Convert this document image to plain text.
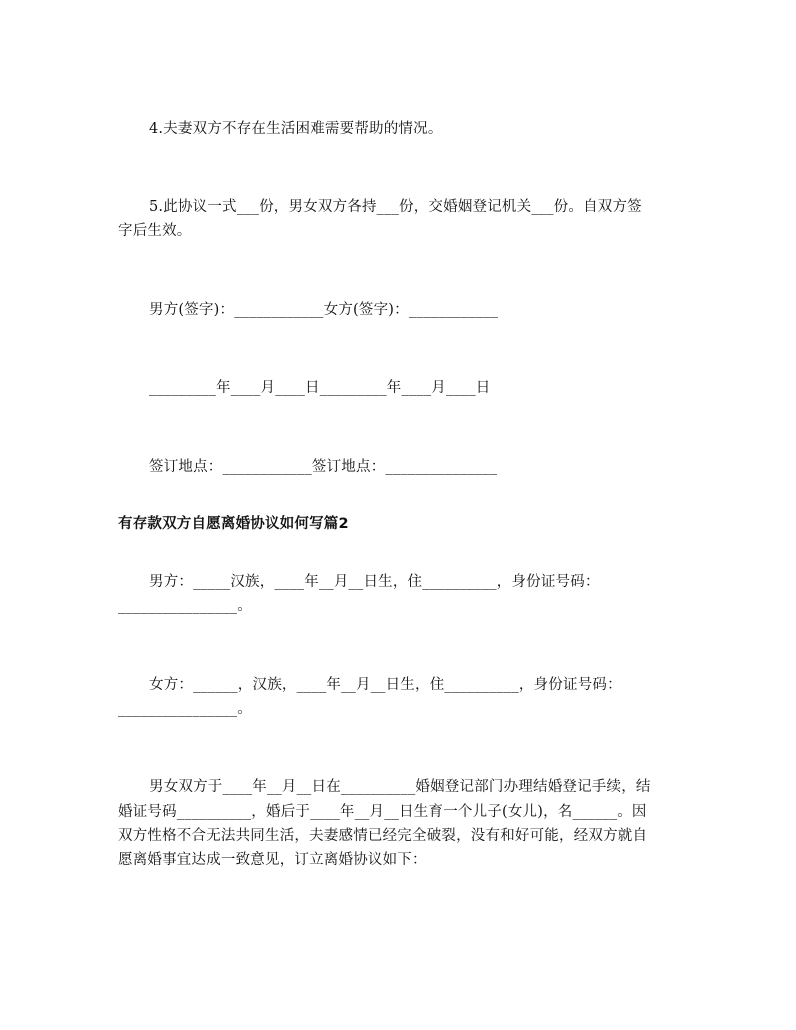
4.夫妻双方不存在生活困难需要帮助的情况。
5.此协议一式___份，男女双方各持___份，交婚姻登记机关___份。自双方签
字后生效。
男方(签字)：____________女方(签字)：____________
_________年____月____日_________年____月____日
签订地点：____________签订地点：_______________
有存款双方自愿离婚协议如何写篇2
男方：_____汉族，____年__月__日生，住__________，身份证号码：
________________。
女方：______，汉族，____年__月__日生，住__________，身份证号码：
________________。
男女双方于____年__月__日在__________婚姻登记部门办理结婚登记手续，结
婚证号码__________，婚后于____年__月__日生育一个儿子(女儿)，名______。因
双方性格不合无法共同生活，夫妻感情已经完全破裂，没有和好可能，经双方就自
愿离婚事宜达成一致意见，订立离婚协议如下：
